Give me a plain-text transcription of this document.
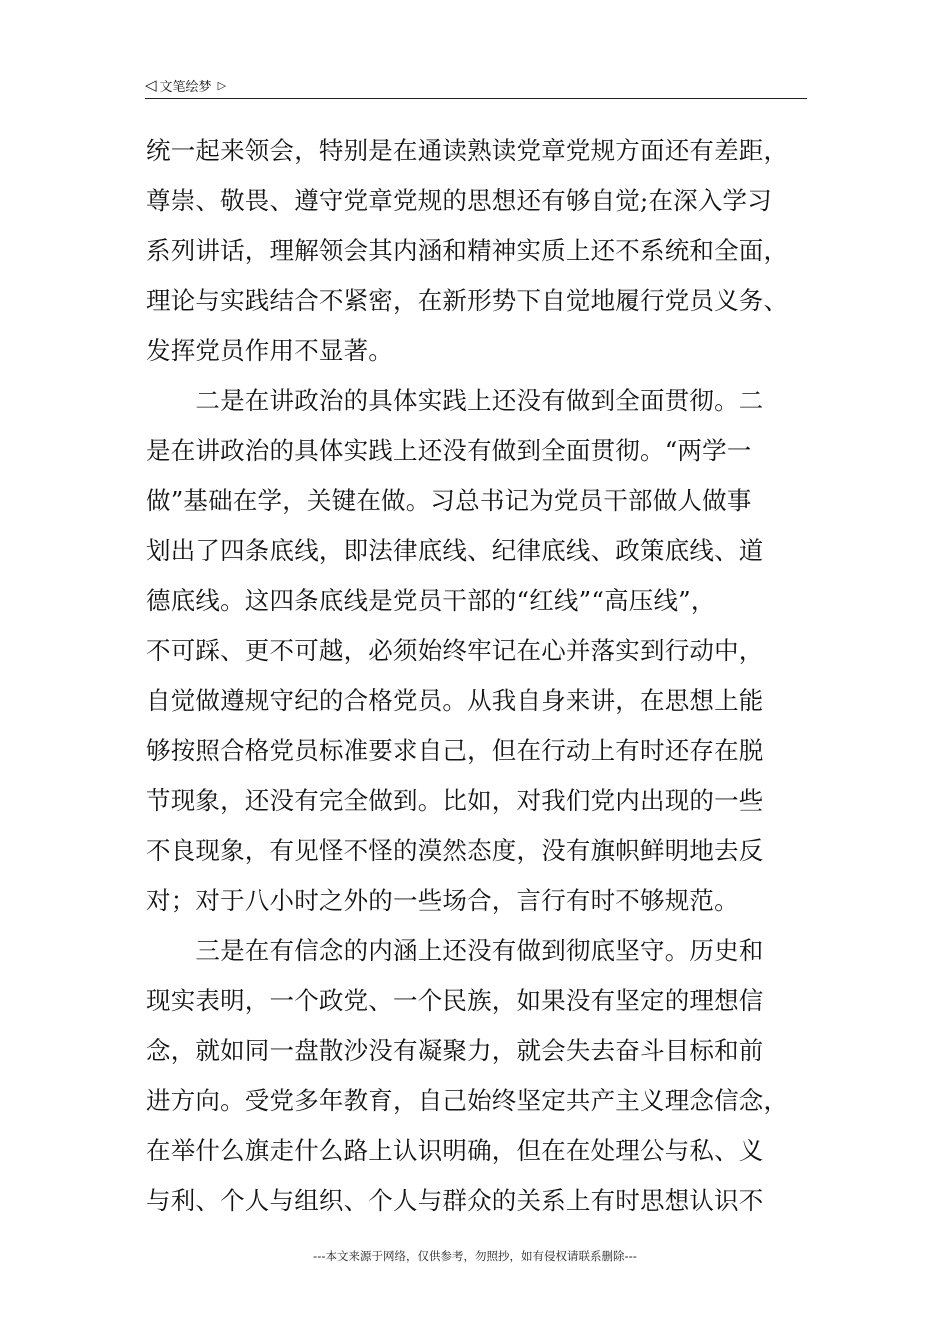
◁ 文笔绘梦 ▷
统一起来领会，特别是在通读熟读党章党规方面还有差距，
尊崇、敬畏、遵守党章党规的思想还有够自觉;在深入学习
系列讲话，理解领会其内涵和精神实质上还不系统和全面，
理论与实践结合不紧密，在新形势下自觉地履行党员义务、
发挥党员作用不显著。
　　二是在讲政治的具体实践上还没有做到全面贯彻。二
是在讲政治的具体实践上还没有做到全面贯彻。“两学一
做”基础在学，关键在做。习总书记为党员干部做人做事
划出了四条底线，即法律底线、纪律底线、政策底线、道
德底线。这四条底线是党员干部的“红线”“高压线”，
不可踩、更不可越，必须始终牢记在心并落实到行动中，
自觉做遵规守纪的合格党员。从我自身来讲，在思想上能
够按照合格党员标准要求自己，但在行动上有时还存在脱
节现象，还没有完全做到。比如，对我们党内出现的一些
不良现象，有见怪不怪的漠然态度，没有旗帜鲜明地去反
对；对于八小时之外的一些场合，言行有时不够规范。
　　三是在有信念的内涵上还没有做到彻底坚守。历史和
现实表明，一个政党、一个民族，如果没有坚定的理想信
念，就如同一盘散沙没有凝聚力，就会失去奋斗目标和前
进方向。受党多年教育，自己始终坚定共产主义理念信念，
在举什么旗走什么路上认识明确，但在在处理公与私、义
与利、个人与组织、个人与群众的关系上有时思想认识不
---本文来源于网络，仅供参考，勿照抄，如有侵权请联系删除---
